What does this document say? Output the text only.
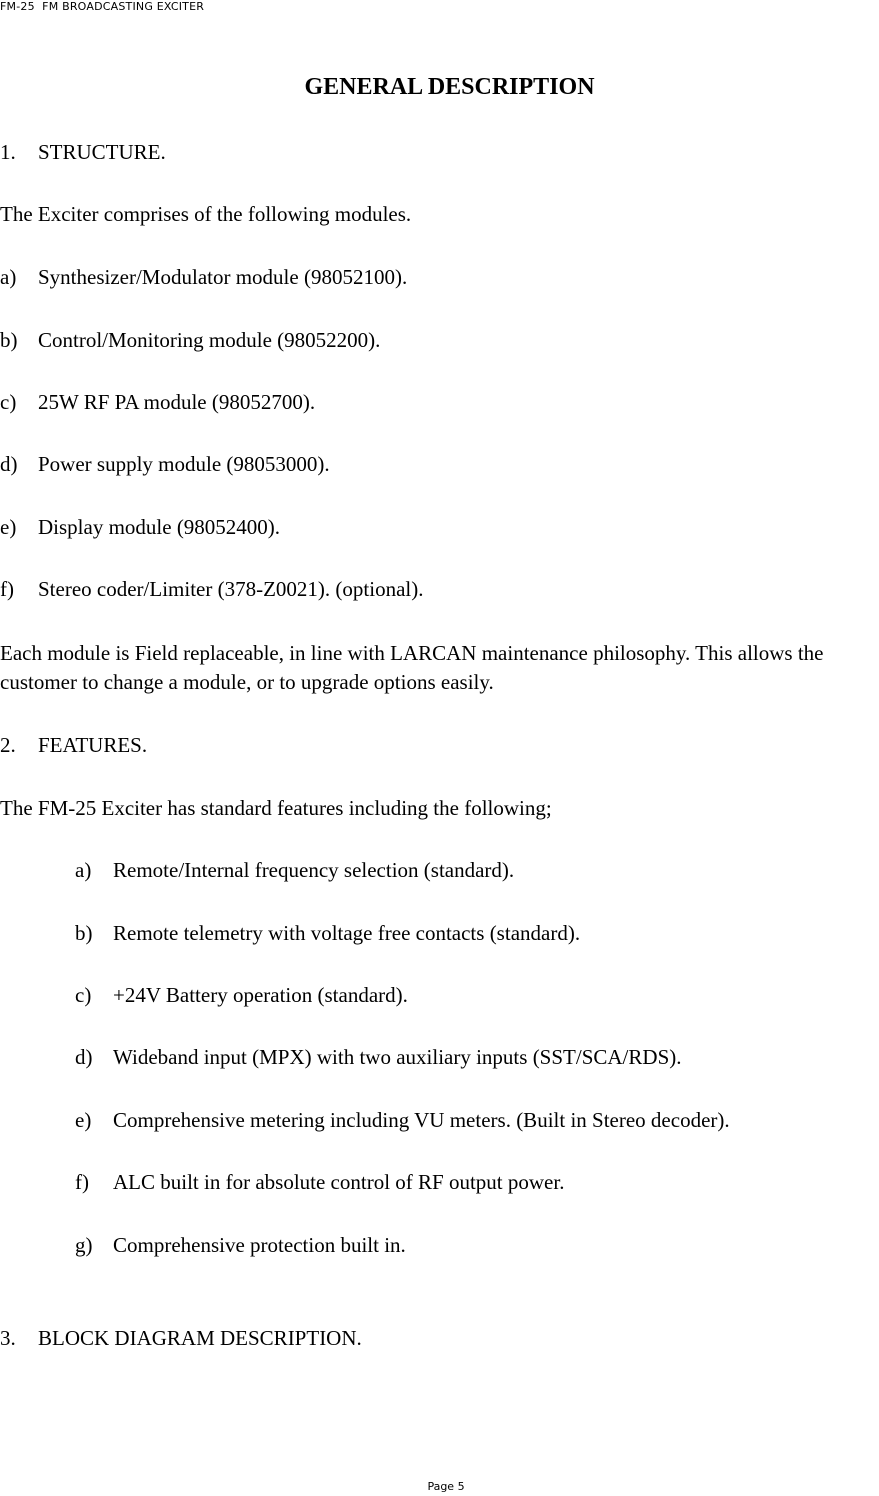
FM-25  FM BROADCASTING EXCITER
GENERAL DESCRIPTION
1. STRUCTURE.
The Exciter comprises of the following modules.
a) Synthesizer/Modulator module (98052100).
b) Control/Monitoring module (98052200).
c) 25W RF PA module (98052700).
d) Power supply module (98053000).
e) Display module (98052400).
f) Stereo coder/Limiter (378-Z0021). (optional).
Each module is Field replaceable, in line with LARCAN maintenance philosophy. This allows the customer to change a module, or to upgrade options easily.
2. FEATURES.
The FM-25 Exciter has standard features including the following;
a) Remote/Internal frequency selection (standard).
b) Remote telemetry with voltage free contacts (standard).
c) +24V Battery operation (standard).
d) Wideband input (MPX) with two auxiliary inputs (SST/SCA/RDS).
e) Comprehensive metering including VU meters. (Built in Stereo decoder).
f) ALC built in for absolute control of RF output power.
g) Comprehensive protection built in.
3. BLOCK DIAGRAM DESCRIPTION.
Page 5
